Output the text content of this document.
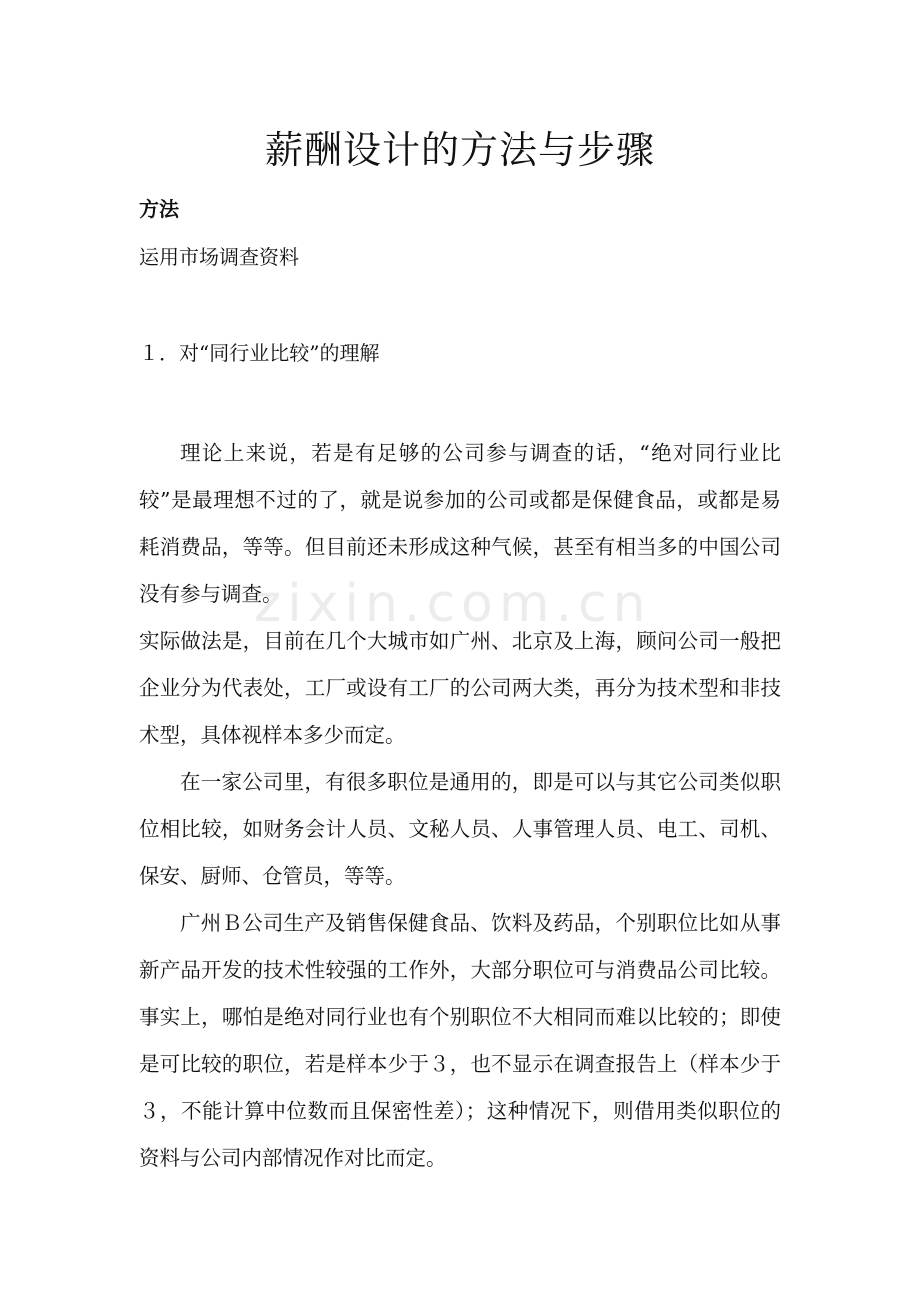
薪酬设计的方法与步骤
方法
运用市场调查资料
１．对“同行业比较”的理解

理论上来说，若是有足够的公司参与调查的话，“绝对同行业比较”是最理想不过的了，就是说参加的公司或都是保健食品，或都是易耗消费品，等等。但目前还未形成这种气候，甚至有相当多的中国公司没有参与调查。

实际做法是，目前在几个大城市如广州、北京及上海，顾问公司一般把企业分为代表处，工厂或设有工厂的公司两大类，再分为技术型和非技术型，具体视样本多少而定。

在一家公司里，有很多职位是通用的，即是可以与其它公司类似职位相比较，如财务会计人员、文秘人员、人事管理人员、电工、司机、保安、厨师、仓管员，等等。

广州Ｂ公司生产及销售保健食品、饮料及药品，个别职位比如从事新产品开发的技术性较强的工作外，大部分职位可与消费品公司比较。事实上，哪怕是绝对同行业也有个别职位不大相同而难以比较的；即使是可比较的职位，若是样本少于３，也不显示在调查报告上（样本少于３，不能计算中位数而且保密性差）；这种情况下，则借用类似职位的资料与公司内部情况作对比而定。

zixin.com.cn
